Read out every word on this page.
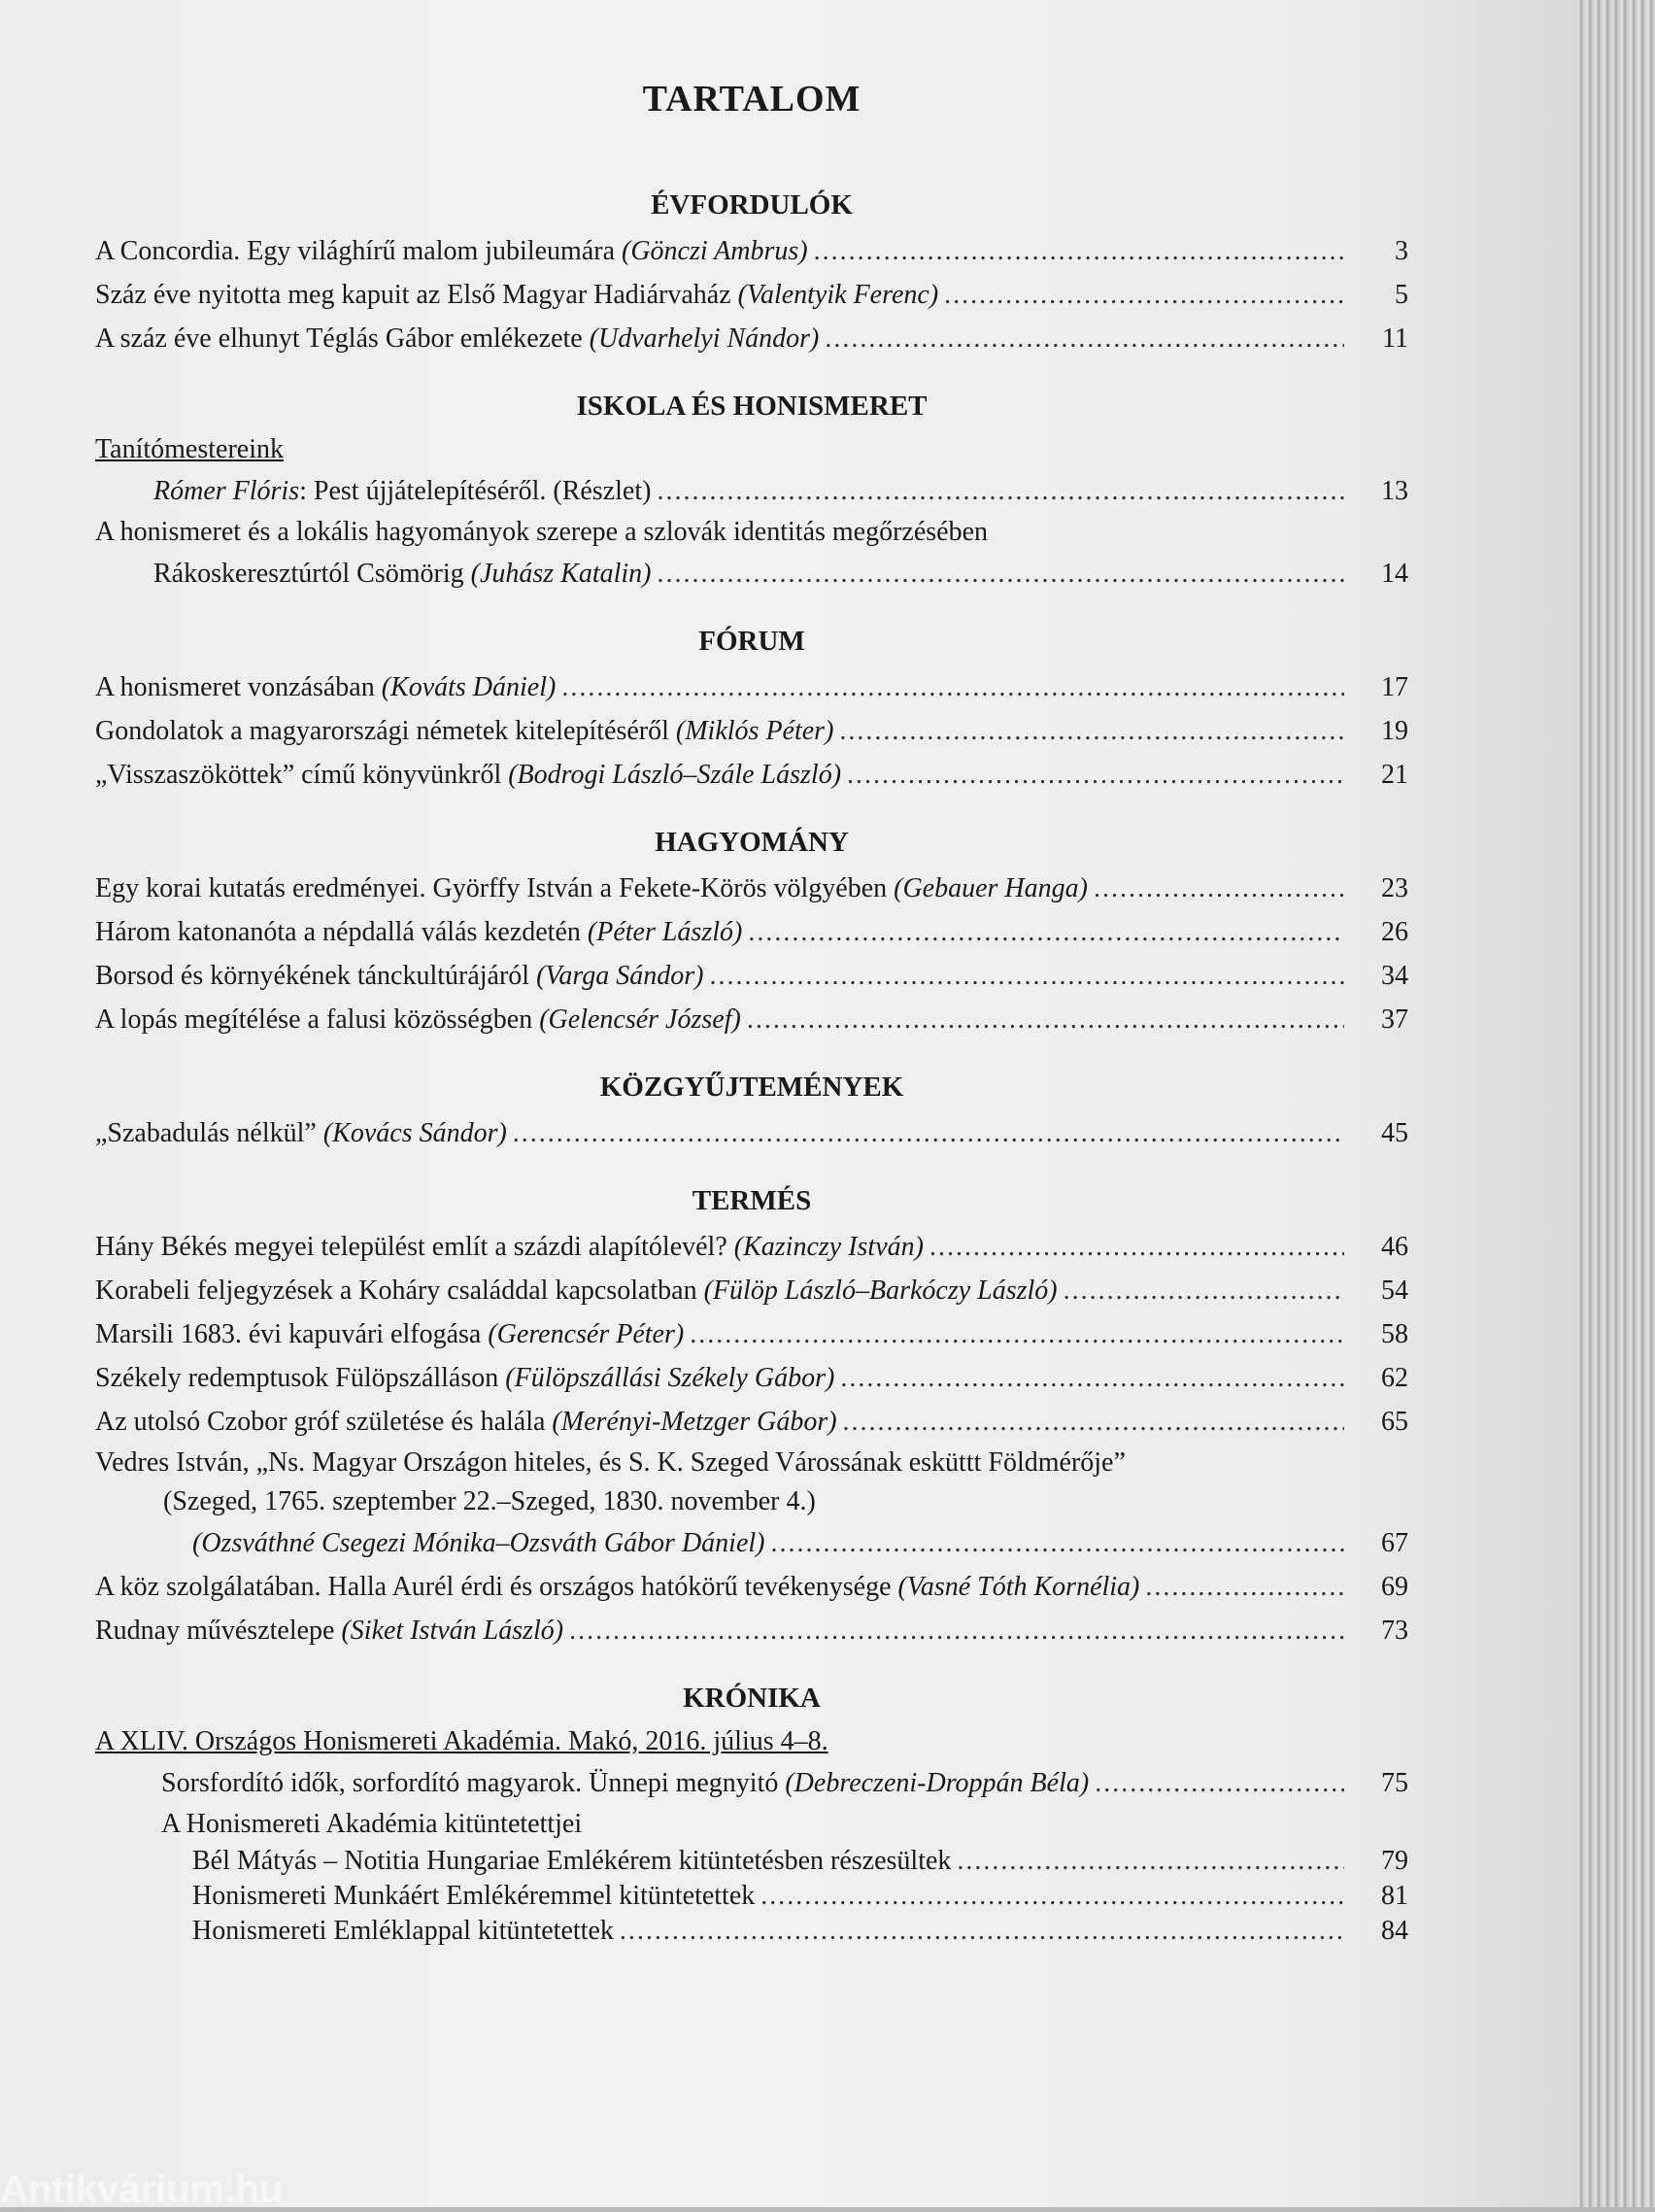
TARTALOM
ÉVFORDULÓK
A Concordia. Egy világhírű malom jubileumára (Gönczi Ambrus) .....	3
Száz éve nyitotta meg kapuit az Első Magyar Hadiárvaház (Valentyik Ferenc) .....	5
A száz éve elhunyt Téglás Gábor emlékezete (Udvarhelyi Nándor) .....	11
ISKOLA ÉS HONISMERET
Tanítómestereink
Rómer Flóris: Pest újjátelepítéséről. (Részlet) .....	13
A honismeret és a lokális hagyományok szerepe a szlovák identitás megőrzésében
Rákoskeresztúrtól Csömörig (Juhász Katalin) .....	14
FÓRUM
A honismeret vonzásában (Kováts Dániel) .....	17
Gondolatok a magyarországi németek kitelepítéséről (Miklós Péter) .....	19
„Visszaszököttek” című könyvünkről (Bodrogi László–Szále László) .....	21
HAGYOMÁNY
Egy korai kutatás eredményei. Györffy István a Fekete-Körös völgyében (Gebauer Hanga) .....	23
Három katonanóta a népdallá válás kezdetén (Péter László) .....	26
Borsod és környékének tánckultúrájáról (Varga Sándor) .....	34
A lopás megítélése a falusi közösségben (Gelencsér József) .....	37
KÖZGYŰJTEMÉNYEK
„Szabadulás nélkül” (Kovács Sándor) .....	45
TERMÉS
Hány Békés megyei települést említ a százdi alapítólevél? (Kazinczy István) .....	46
Korabeli feljegyzések a Koháry családdal kapcsolatban (Fülöp László–Barkóczy László) .....	54
Marsili 1683. évi kapuvári elfogása (Gerencsér Péter) .....	58
Székely redemptusok Fülöpszálláson (Fülöpszállási Székely Gábor) .....	62
Az utolsó Czobor gróf születése és halála (Merényi-Metzger Gábor) .....	65
Vedres István, „Ns. Magyar Országon hiteles, és S. K. Szeged Várossának esküttt Földmérője”
(Szeged, 1765. szeptember 22.–Szeged, 1830. november 4.)
(Ozsváthné Csegezi Mónika–Ozsváth Gábor Dániel) .....	67
A köz szolgálatában. Halla Aurél érdi és országos hatókörű tevékenysége (Vasné Tóth Kornélia) .....	69
Rudnay művésztelepe (Siket István László) .....	73
KRÓNIKA
A XLIV. Országos Honismereti Akadémia. Makó, 2016. július 4–8.
Sorsfordító idők, sorfordító magyarok. Ünnepi megnyitó (Debreczeni-Droppán Béla) .....	75
A Honismereti Akadémia kitüntetettjei
Bél Mátyás – Notitia Hungariae Emlékérem kitüntetésben részesültek .....	79
Honismereti Munkáért Emlékéremmel kitüntetettek .....	81
Honismereti Emléklappal kitüntetettek .....	84
Antikvárium.hu
